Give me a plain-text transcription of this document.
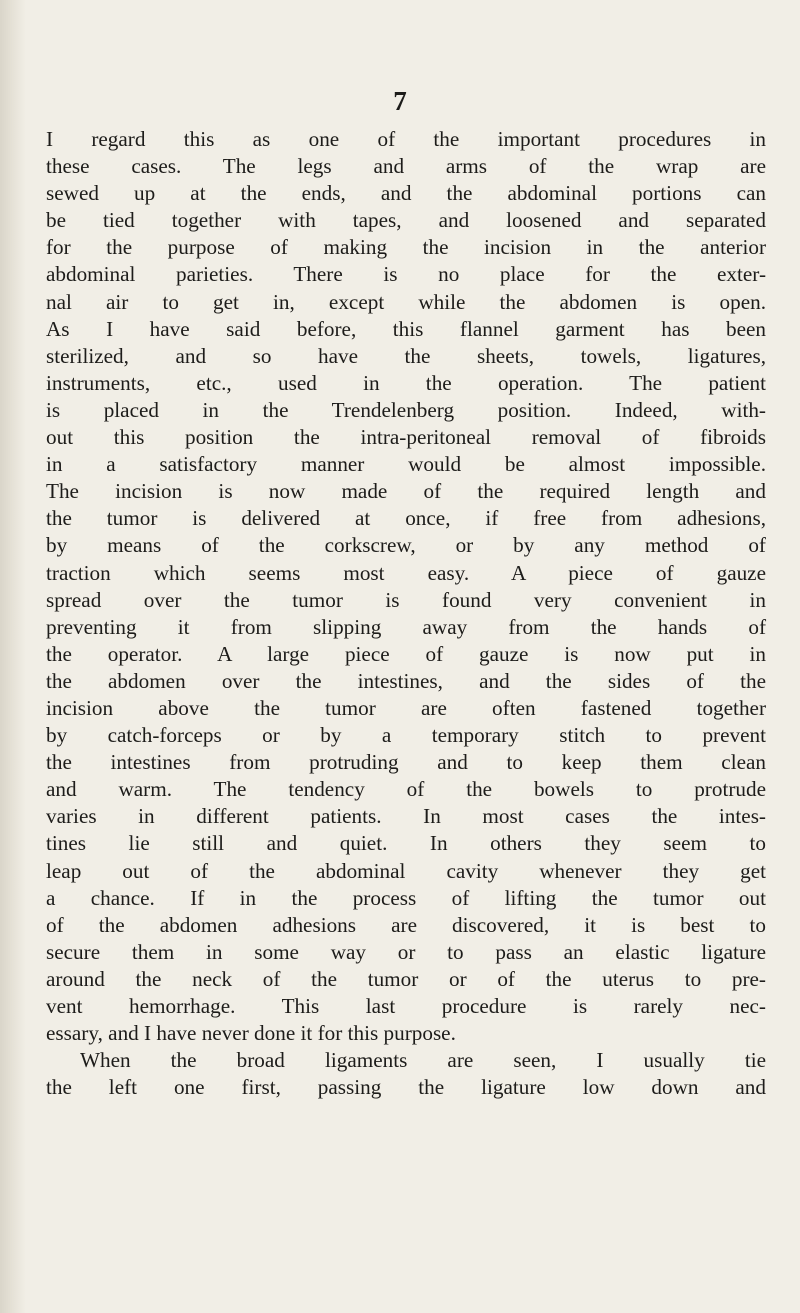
7
I regard this as one of the important procedures in
these cases. The legs and arms of the wrap are
sewed up at the ends, and the abdominal portions can
be tied together with tapes, and loosened and separated
for the purpose of making the incision in the anterior
abdominal parieties. There is no place for the exter-
nal air to get in, except while the abdomen is open.
As I have said before, this flannel garment has been
sterilized, and so have the sheets, towels, ligatures,
instruments, etc., used in the operation. The patient
is placed in the Trendelenberg position. Indeed, with-
out this position the intra-peritoneal removal of fibroids
in a satisfactory manner would be almost impossible.
The incision is now made of the required length and
the tumor is delivered at once, if free from adhesions,
by means of the corkscrew, or by any method of
traction which seems most easy. A piece of gauze
spread over the tumor is found very convenient in
preventing it from slipping away from the hands of
the operator. A large piece of gauze is now put in
the abdomen over the intestines, and the sides of the
incision above the tumor are often fastened together
by catch-forceps or by a temporary stitch to prevent
the intestines from protruding and to keep them clean
and warm. The tendency of the bowels to protrude
varies in different patients. In most cases the intes-
tines lie still and quiet. In others they seem to
leap out of the abdominal cavity whenever they get
a chance. If in the process of lifting the tumor out
of the abdomen adhesions are discovered, it is best to
secure them in some way or to pass an elastic ligature
around the neck of the tumor or of the uterus to pre-
vent hemorrhage. This last procedure is rarely nec-
essary, and I have never done it for this purpose.
When the broad ligaments are seen, I usually tie
the left one first, passing the ligature low down and
